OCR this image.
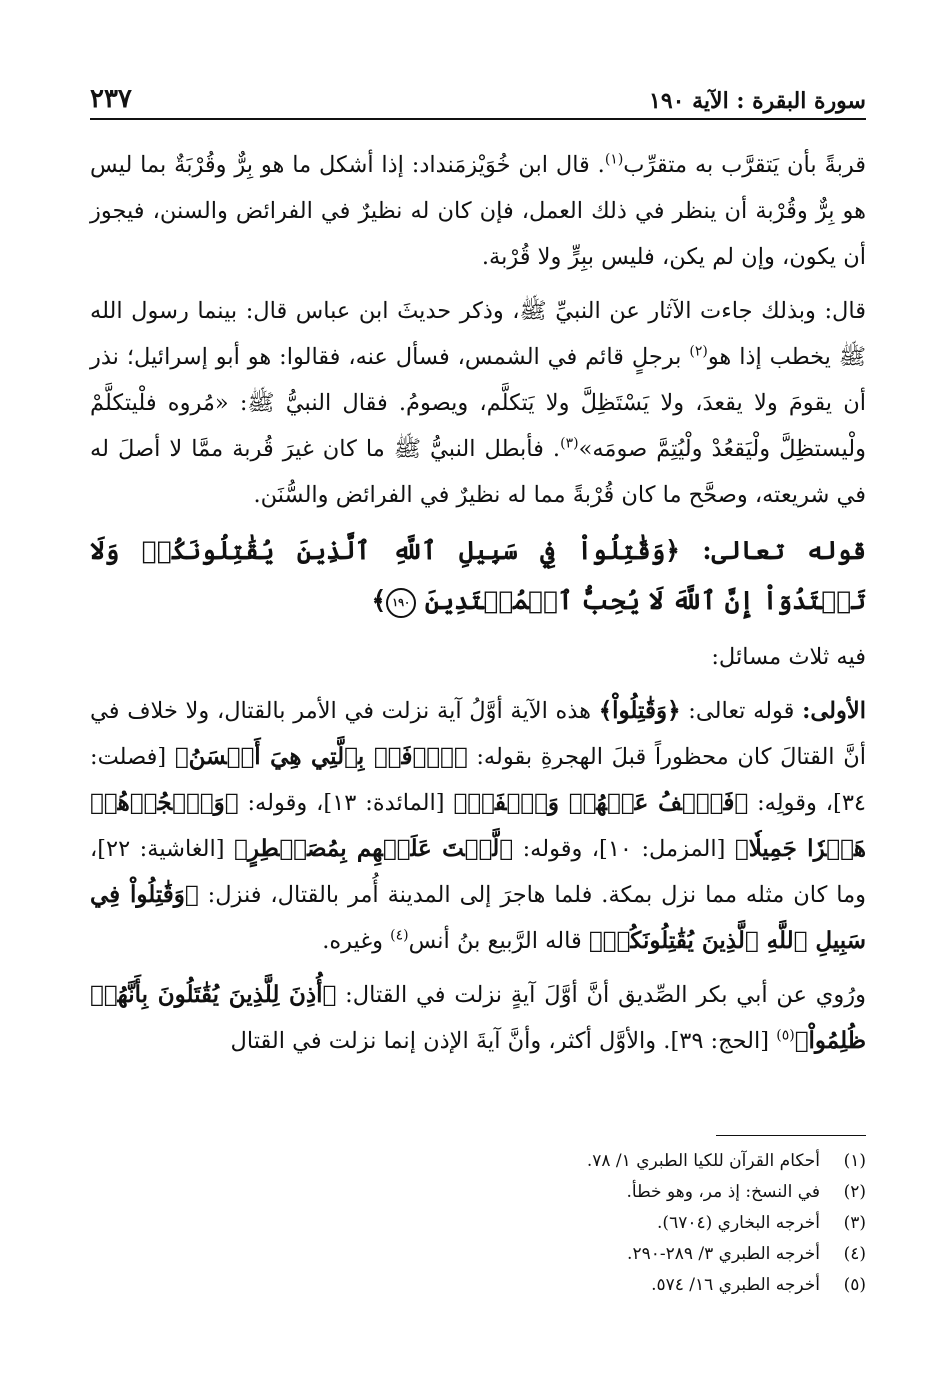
سورة البقرة : الآية ١٩٠
٢٣٧

قربةً بأن يَتقرَّب به متقرِّب$^{(١)}$. قال ابن خُوَيْزمَنداد: إذا أشكل ما هو بِرٌّ وقُرْبَةٌ بما ليس هو بِرٌّ وقُرْبة أن ينظر في ذلك العمل، فإن كان له نظيرٌ في الفرائض والسنن، فيجوز أن يكون، وإن لم يكن، فليس ببِرٍّ ولا قُرْبة.

قال: وبذلك جاءت الآثار عن النبيِّ ﷺ، وذكر حديثَ ابن عباس قال: بينما رسول الله ﷺ يخطب إذا هو$^{(٢)}$ برجلٍ قائم في الشمس، فسأل عنه، فقالوا: هو أبو إسرائيل؛ نذر أن يقومَ ولا يقعدَ، ولا يَسْتَظِلَّ ولا يَتكلَّم، ويصومُ. فقال النبيُّ ﷺ: «مُروه فلْيتكلَّمْ ولْيستظِلَّ ولْيَقعُدْ ولْيُتِمَّ صومَه»$^{(٣)}$. فأبطل النبيُّ ﷺ ما كان غيرَ قُربة ممَّا لا أصلَ له في شريعته، وصحَّح ما كان قُرْبةً مما له نظيرٌ في الفرائض والسُّنَن.

قوله تعالى: ﴿وَقَٰتِلُواْ فِي سَبِيلِ ٱللَّهِ ٱلَّذِينَ يُقَٰتِلُونَكُمۡ وَلَا تَعۡتَدُوٓاْ إِنَّ ٱللَّهَ لَا يُحِبُّ ٱلۡمُعۡتَدِينَ ١٩٠﴾

فيه ثلاث مسائل:

الأولى: قوله تعالى: ﴿وَقَٰتِلُواْ﴾ هذه الآية أوَّلُ آية نزلت في الأمر بالقتال، ولا خلاف في أنَّ القتالَ كان محظوراً قبلَ الهجرةِ بقوله: ﴿ٱدۡفَعۡ بِٱلَّتِي هِيَ أَحۡسَنُ﴾ [فصلت: ٣٤]، وقولِه: ﴿فَٱعۡفُ عَنۡهُمۡ وَٱصۡفَحۡ﴾ [المائدة: ١٣]، وقوله: ﴿وَٱهۡجُرۡهُمۡ هَجۡرٗا جَمِيلٗا﴾ [المزمل: ١٠]، وقوله: ﴿لَّسۡتَ عَلَيۡهِم بِمُصَيۡطِرٍ﴾ [الغاشية: ٢٢]، وما كان مثله مما نزل بمكة. فلما هاجرَ إلى المدينة أُمر بالقتال، فنزل: ﴿وَقَٰتِلُواْ فِي سَبِيلِ ٱللَّهِ ٱلَّذِينَ يُقَٰتِلُونَكُمۡ﴾ قاله الرَّبيع بنُ أنس$^{(٤)}$ وغيره.

ورُوي عن أبي بكر الصِّديق أنَّ أوَّلَ آيةٍ نزلت في القتال: ﴿أُذِنَ لِلَّذِينَ يُقَٰتَلُونَ بِأَنَّهُمۡ ظُلِمُواْ﴾$^{(٥)}$ [الحج: ٣٩]. والأوَّل أكثر، وأنَّ آيةَ الإذن إنما نزلت في القتال

(١)
أحكام القرآن للكيا الطبري ١/ ٧٨.
(٢)
في النسخ: إذ مر، وهو خطأ.
(٣)
أخرجه البخاري (٦٧٠٤).
(٤)
أخرجه الطبري ٣/ ٢٨٩-٢٩٠.
(٥)
أخرجه الطبري ١٦/ ٥٧٤.
